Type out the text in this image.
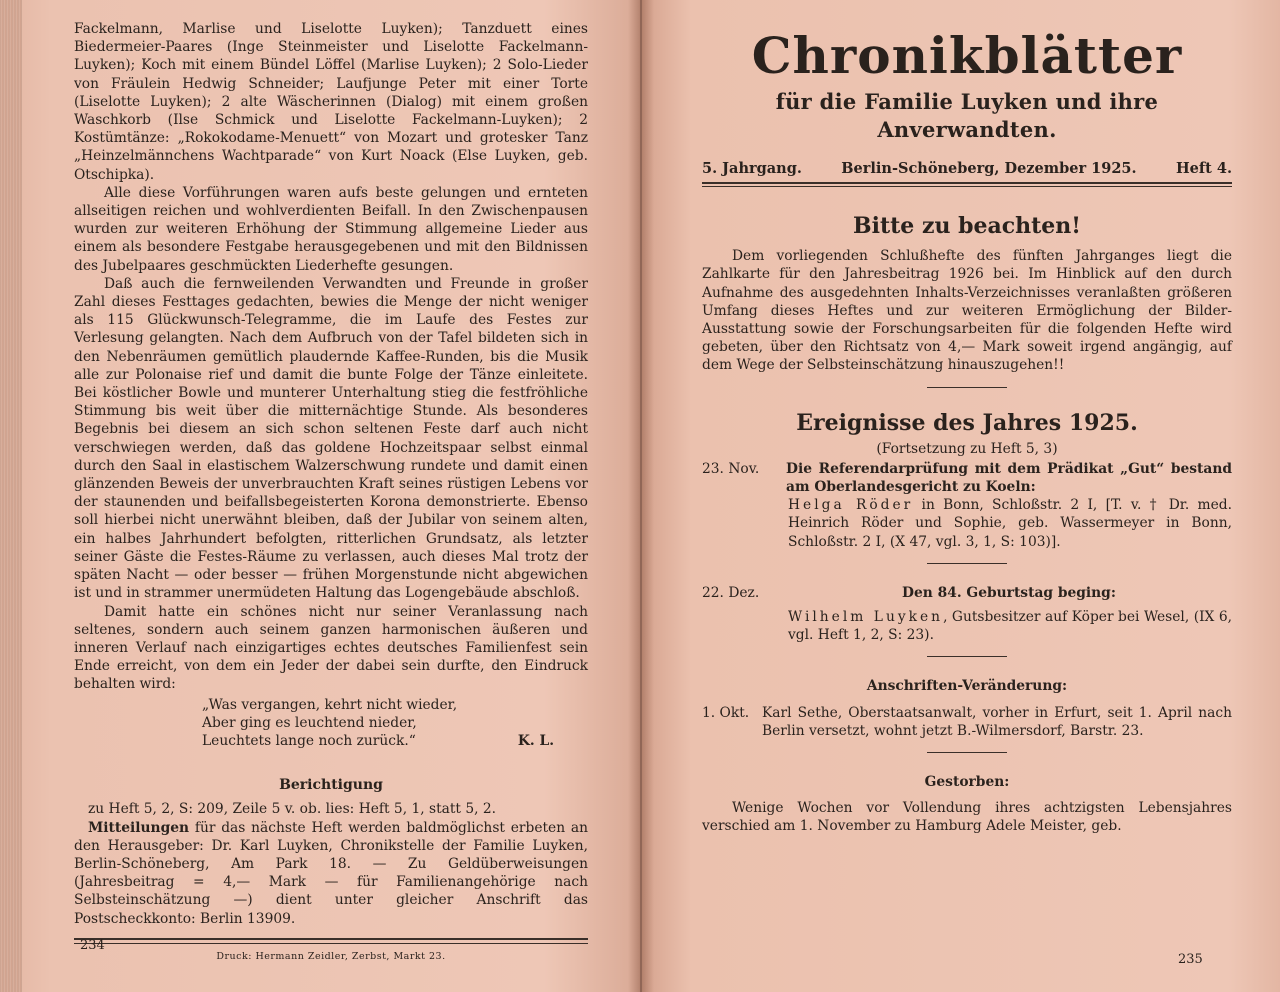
Fackelmann, Marlise und Liselotte Luyken); Tanzduett eines Biedermeier-Paares (Inge Steinmeister und Liselotte Fackelmann-Luyken); Koch mit einem Bündel Löffel (Marlise Luyken); 2 Solo-Lieder von Fräulein Hedwig Schneider; Laufjunge Peter mit einer Torte (Liselotte Luyken); 2 alte Wäscherinnen (Dialog) mit einem großen Waschkorb (Ilse Schmick und Liselotte Fackelmann-Luyken); 2 Kostümtänze: „Rokokodame-Menuett“ von Mozart und grotesker Tanz „Heinzelmännchens Wachtparade“ von Kurt Noack (Else Luyken, geb. Otschipka).

Alle diese Vorführungen waren aufs beste gelungen und ernteten allseitigen reichen und wohlverdienten Beifall. In den Zwischenpausen wurden zur weiteren Erhöhung der Stimmung allgemeine Lieder aus einem als besondere Festgabe herausgegebenen und mit den Bildnissen des Jubelpaares geschmückten Liederhefte gesungen.

Daß auch die fernweilenden Verwandten und Freunde in großer Zahl dieses Festtages gedachten, bewies die Menge der nicht weniger als 115 Glückwunsch-Telegramme, die im Laufe des Festes zur Verlesung gelangten. Nach dem Aufbruch von der Tafel bildeten sich in den Nebenräumen gemütlich plaudernde Kaffee-Runden, bis die Musik alle zur Polonaise rief und damit die bunte Folge der Tänze einleitete. Bei köstlicher Bowle und munterer Unterhaltung stieg die festfröhliche Stimmung bis weit über die mitternächtige Stunde. Als besonderes Begebnis bei diesem an sich schon seltenen Feste darf auch nicht verschwiegen werden, daß das goldene Hochzeitspaar selbst einmal durch den Saal in elastischem Walzerschwung rundete und damit einen glänzenden Beweis der unverbrauchten Kraft seines rüstigen Lebens vor der staunenden und beifallsbegeisterten Korona demonstrierte. Ebenso soll hierbei nicht unerwähnt bleiben, daß der Jubilar von seinem alten, ein halbes Jahrhundert befolgten, ritterlichen Grundsatz, als letzter seiner Gäste die Festes-Räume zu verlassen, auch dieses Mal trotz der späten Nacht — oder besser — frühen Morgenstunde nicht abgewichen ist und in strammer unermüdeten Haltung das Logengebäude abschloß.

Damit hatte ein schönes nicht nur seiner Veranlassung nach seltenes, sondern auch seinem ganzen harmonischen äußeren und inneren Verlauf nach einzigartiges echtes deutsches Familienfest sein Ende erreicht, von dem ein Jeder der dabei sein durfte, den Eindruck behalten wird:

„Was vergangen, kehrt nicht wieder,
Aber ging es leuchtend nieder,
Leuchtets lange noch zurück.“	K. L.
Berichtigung

zu Heft 5, 2, S: 209, Zeile 5 v. ob. lies: Heft 5, 1, statt 5, 2.

Mitteilungen für das nächste Heft werden baldmöglichst erbeten an den Herausgeber: Dr. Karl Luyken, Chronikstelle der Familie Luyken, Berlin-Schöneberg, Am Park 18. — Zu Geldüberweisungen (Jahresbeitrag = 4,— Mark — für Familienangehörige nach Selbsteinschätzung —) dient unter gleicher Anschrift das Postscheckkonto: Berlin 13909.

Druck: Hermann Zeidler, Zerbst, Markt 23.
234
Chronikblätter
für die Familie Luyken und ihre Anverwandten.
5. Jahrgang.	Berlin-Schöneberg, Dezember 1925.	Heft 4.
Bitte zu beachten!

Dem vorliegenden Schlußhefte des fünften Jahrganges liegt die Zahlkarte für den Jahresbeitrag 1926 bei. Im Hinblick auf den durch Aufnahme des ausgedehnten Inhalts-Verzeichnisses veranlaßten größeren Umfang dieses Heftes und zur weiteren Ermöglichung der Bilder-Ausstattung sowie der Forschungsarbeiten für die folgenden Hefte wird gebeten, über den Richtsatz von 4,— Mark soweit irgend angängig, auf dem Wege der Selbsteinschätzung hinauszugehen!!

Ereignisse des Jahres 1925.
(Fortsetzung zu Heft 5, 3)
23. Nov.	Die Referendarprüfung mit dem Prädikat „Gut“ bestand am Oberlandesgericht zu Koeln:

Helga Röder in Bonn, Schloßstr. 2 I, [T. v. † Dr. med. Heinrich Röder und Sophie, geb. Wassermeyer in Bonn, Schloßstr. 2 I, (X 47, vgl. 3, 1, S: 103)].

22. Dez.	Den 84. Geburtstag beging:

Wilhelm Luyken, Gutsbesitzer auf Köper bei Wesel, (IX 6, vgl. Heft 1, 2, S: 23).

Anschriften-Veränderung:
1. Okt. Karl Sethe, Oberstaatsanwalt, vorher in Erfurt, seit 1. April nach Berlin versetzt, wohnt jetzt B.-Wilmersdorf, Barstr. 23.
Gestorben:

Wenige Wochen vor Vollendung ihres achtzigsten Lebensjahres verschied am 1. November zu Hamburg Adele Meister, geb.

235
